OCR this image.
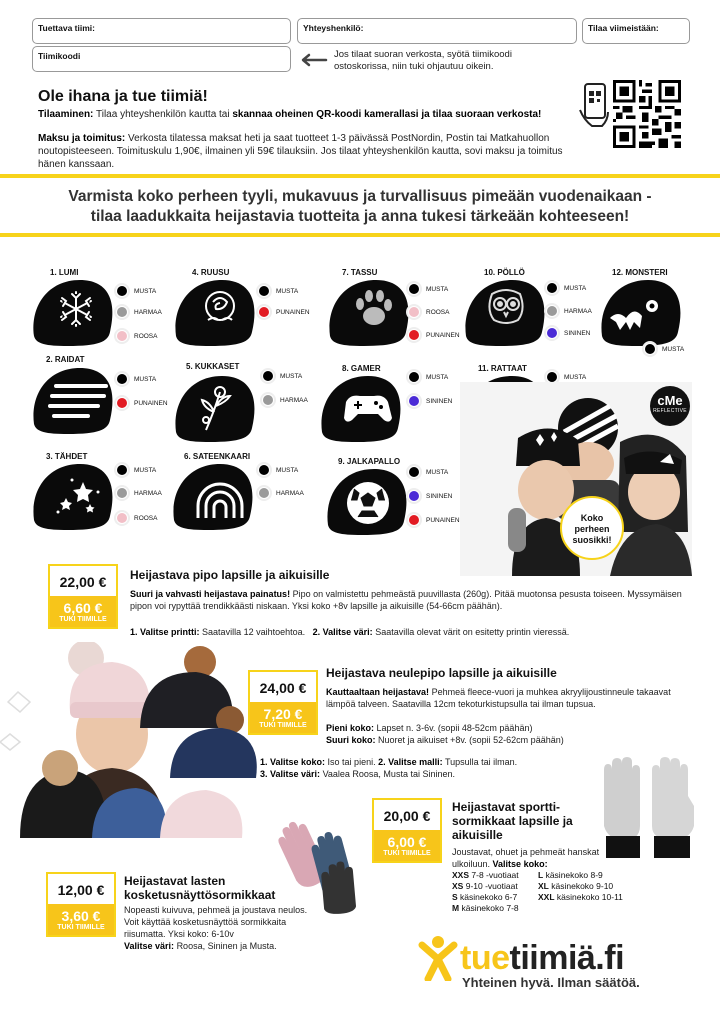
Tuettava tiimi:	Yhteyshenkilö:	Tilaa viimeistään:
Tiimikoodi	Jos tilaat suoran verkosta, syötä tiimikoodi ostoskorissa, niin tuki ohjautuu oikein.
Ole ihana ja tue tiimiä!
Tilaaminen: Tilaa yhteyshenkilön kautta tai skannaa oheinen QR-koodi kamerallasi ja tilaa suoraan verkosta!
Maksu ja toimitus: Verkosta tilatessa maksat heti ja saat tuotteet 1-3 päivässä PostNordin, Postin tai Matkahuollon noutopisteeseen. Toimituskulu 1,90€, ilmainen yli 59€ tilauksiin. Jos tilaat yhteyshenkilön kautta, sovi maksu ja toimitus hänen kanssaan.
Varmista koko perheen tyyli, mukavuus ja turvallisuus pimeään vuodenaikaan -
tilaa laadukkaita heijastavia tuotteita ja anna tukesi tärkeään kohteeseen!
1. LUMI
MUSTA
HARMAA
ROOSA
2. RAIDAT
MUSTA
PUNAINEN
3. TÄHDET
MUSTA
HARMAA
ROOSA
4. RUUSU
MUSTA
PUNAINEN
5. KUKKASET
MUSTA
HARMAA
6. SATEENKAARI
MUSTA
HARMAA
7. TASSU
MUSTA
ROOSA
PUNAINEN
8. GAMER
MUSTA
SININEN
9. JALKAPALLO
MUSTA
SININEN
PUNAINEN
10. PÖLLÖ
MUSTA
HARMAA
SININEN
11. RATTAAT
MUSTA
12. MONSTERI
MUSTA
cMe
REFLECTIVE
Koko
perheen
suosikki!
22,00 €
6,60 €
TUKI TIIMILLE
Heijastava pipo lapsille ja aikuisille
Suuri ja vahvasti heijastava painatus! Pipo on valmistettu pehmeästä puuvillasta (260g). Pitää muotonsa pesusta toiseen. Myssymäisen pipon voi rypyttää trendikkäästi niskaan. Yksi koko +8v lapsille ja aikuisille (54-66cm päähän).
1. Valitse printti: Saatavilla 12 vaihtoehtoa. 2. Valitse väri: Saatavilla olevat värit on esitetty printin vieressä.
24,00 €
7,20 €
TUKI TIIMILLE
Heijastava neulepipo lapsille ja aikuisille
Kauttaaltaan heijastava! Pehmeä fleece-vuori ja muhkea akryylijoustinneule takaavat lämpöä talveen. Saatavilla 12cm tekoturkistupsulla tai ilman tupsua.
Pieni koko: Lapset n. 3-6v. (sopii 48-52cm päähän)
Suuri koko: Nuoret ja aikuiset +8v. (sopii 52-62cm päähän)
1. Valitse koko: Iso tai pieni. 2. Valitse malli: Tupsulla tai ilman.
3. Valitse väri: Vaalea Roosa, Musta tai Sininen.
20,00 €
6,00 €
TUKI TIIMILLE
Heijastavat sportti-sormikkaat lapsille ja aikuisille
Joustavat, ohuet ja pehmeät hanskat ulkoiluun. Valitse koko:
XXS 7-8 -vuotiaat
XS 9-10 -vuotiaat
S käsinekoko 6-7
M käsinekoko 7-8
L käsinekoko 8-9
XL käsinekoko 9-10
XXL käsinekoko 10-11
12,00 €
3,60 €
TUKI TIIMILLE
Heijastavat lasten
kosketusnäyttösormikkaat
Nopeasti kuivuva, pehmeä ja joustava neulos. Voit käyttää kosketusnäyttöä sormikkaita riisumatta. Yksi koko: 6-10v
Valitse väri: Roosa, Sininen ja Musta.	tuetiimiä.fi
Yhteinen hyvä. Ilman säätöä.
